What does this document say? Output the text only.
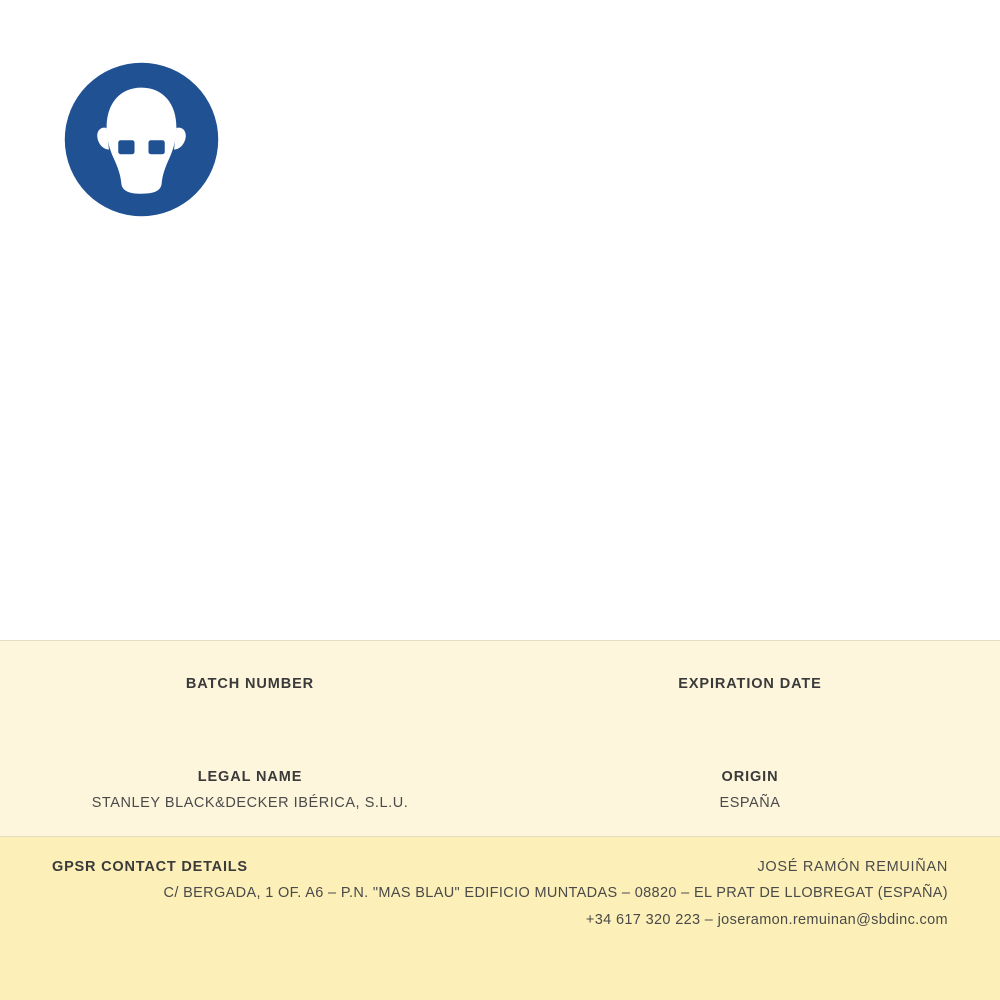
BATCH NUMBER	EXPIRATION DATE
LEGAL NAME
STANLEY BLACK&DECKER IBÉRICA, S.L.U.
ORIGIN
ESPAÑA
GPSR CONTACT DETAILS	JOSÉ RAMÓN REMUIÑAN
C/ BERGADA, 1 OF. A6 – P.N. "MAS BLAU" EDIFICIO MUNTADAS – 08820 – EL PRAT DE LLOBREGAT (ESPAÑA)
+34 617 320 223 – joseramon.remuinan@sbdinc.com
